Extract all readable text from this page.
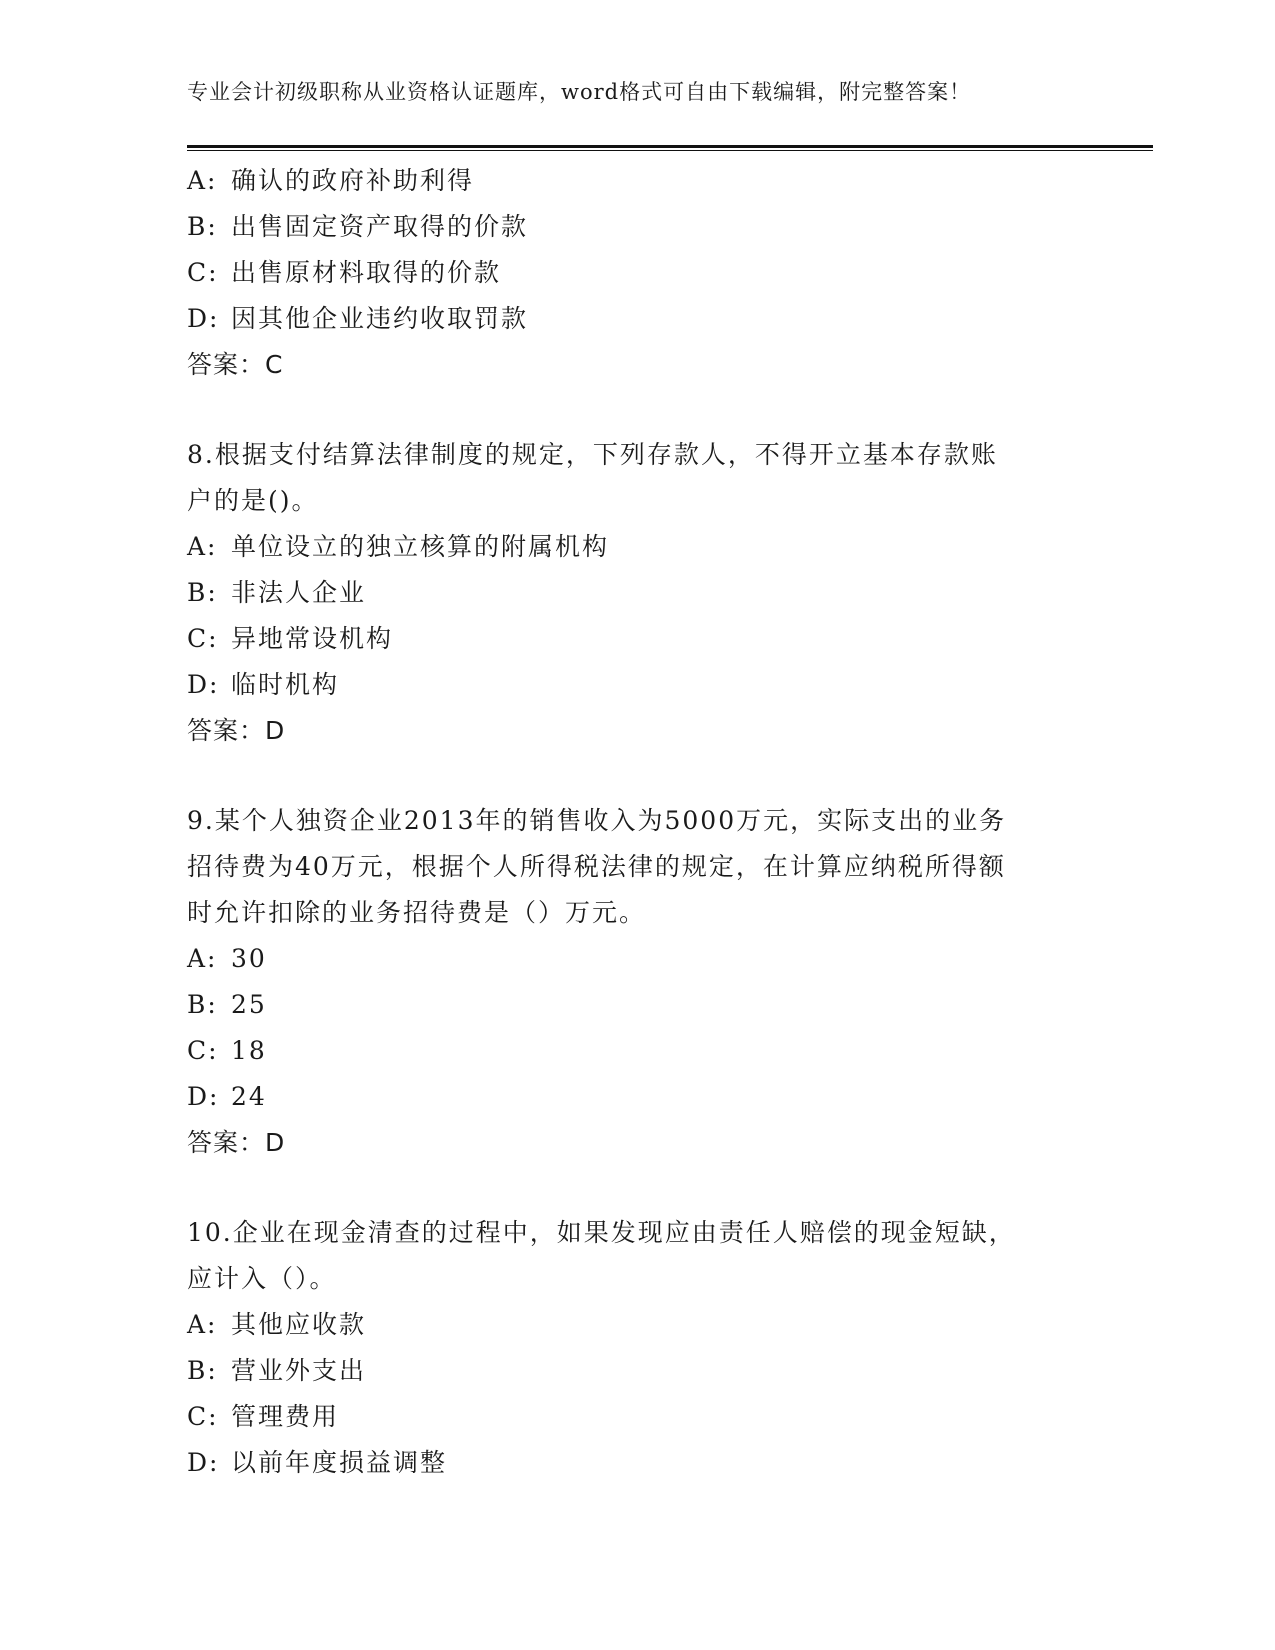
专业会计初级职称从业资格认证题库，word格式可自由下载编辑，附完整答案！
A: 确认的政府补助利得
B: 出售固定资产取得的价款
C: 出售原材料取得的价款
D: 因其他企业违约收取罚款
答案：C
8.根据支付结算法律制度的规定，下列存款人，不得开立基本存款账
户的是()。
A: 单位设立的独立核算的附属机构
B: 非法人企业
C: 异地常设机构
D: 临时机构
答案：D
9.某个人独资企业2013年的销售收入为5000万元，实际支出的业务
招待费为40万元，根据个人所得税法律的规定，在计算应纳税所得额
时允许扣除的业务招待费是（）万元。
A: 30
B: 25
C: 18
D: 24
答案：D
10.企业在现金清查的过程中，如果发现应由责任人赔偿的现金短缺，
应计入（）。
A: 其他应收款
B: 营业外支出
C: 管理费用
D: 以前年度损益调整
